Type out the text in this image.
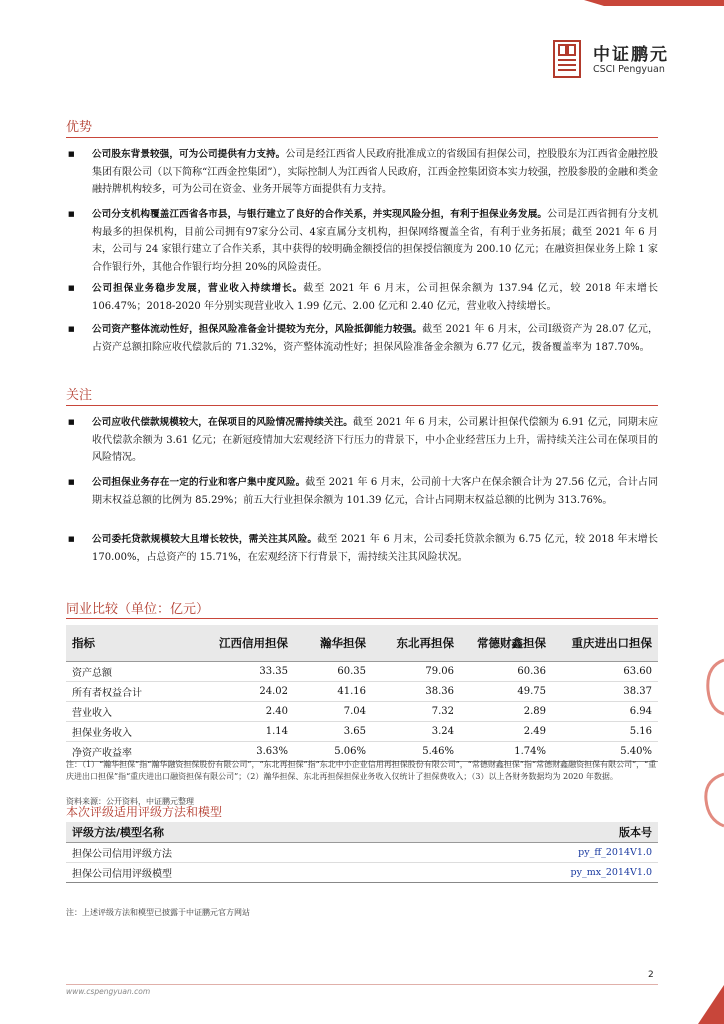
中证鹏元
CSCI Pengyuan
优势
■ 公司股东背景较强，可为公司提供有力支持。公司是经江西省人民政府批准成立的省级国有担保公司，控股股东为江西省金融控股集团有限公司（以下简称“江西金控集团”），实际控制人为江西省人民政府，江西金控集团资本实力较强，控股参股的金融和类金融持牌机构较多，可为公司在资金、业务开展等方面提供有力支持。
■ 公司分支机构覆盖江西省各市县，与银行建立了良好的合作关系，并实现风险分担，有利于担保业务发展。公司是江西省拥有分支机构最多的担保机构，目前公司拥有97家分公司、4家直属分支机构，担保网络覆盖全省，有利于业务拓展；截至 2021 年 6 月末，公司与 24 家银行建立了合作关系，其中获得的较明确金额授信的担保授信额度为 200.10 亿元；在融资担保业务上除 1 家合作银行外，其他合作银行均分担 20%的风险责任。
■ 公司担保业务稳步发展，营业收入持续增长。截至 2021 年 6 月末，公司担保余额为 137.94 亿元，较 2018 年末增长 106.47%；2018-2020 年分别实现营业收入 1.99 亿元、2.00 亿元和 2.40 亿元，营业收入持续增长。
■ 公司资产整体流动性好，担保风险准备金计提较为充分，风险抵御能力较强。截至 2021 年 6 月末，公司Ⅰ级资产为 28.07 亿元，占资产总额扣除应收代偿款后的 71.32%，资产整体流动性好；担保风险准备金余额为 6.77 亿元，拨备覆盖率为 187.70%。
关注
■ 公司应收代偿款规模较大，在保项目的风险情况需持续关注。截至 2021 年 6 月末，公司累计担保代偿额为 6.91 亿元，同期末应收代偿款余额为 3.61 亿元；在新冠疫情加大宏观经济下行压力的背景下，中小企业经营压力上升，需持续关注公司在保项目的风险情况。
■ 公司担保业务存在一定的行业和客户集中度风险。截至 2021 年 6 月末，公司前十大客户在保余额合计为 27.56 亿元，合计占同期末权益总额的比例为 85.29%；前五大行业担保余额为 101.39 亿元，合计占同期末权益总额的比例为 313.76%。
■ 公司委托贷款规模较大且增长较快，需关注其风险。截至 2021 年 6 月末，公司委托贷款余额为 6.75 亿元，较 2018 年末增长 170.00%，占总资产的 15.71%，在宏观经济下行背景下，需持续关注其风险状况。
同业比较（单位：亿元）
指标	江西信用担保	瀚华担保	东北再担保	常德财鑫担保	重庆进出口担保
资产总额	33.35	60.35	79.06	60.36	63.60
所有者权益合计	24.02	41.16	38.36	49.75	38.37
营业收入	2.40	7.04	7.32	2.89	6.94
担保业务收入	1.14	3.65	3.24	2.49	5.16
净资产收益率	3.63%	5.06%	5.46%	1.74%	5.40%
注：（1）“瀚华担保”指“瀚华融资担保股份有限公司”，“东北再担保”指“东北中小企业信用再担保股份有限公司”，“常德财鑫担保”指“常德财鑫融资担保有限公司”，“重庆进出口担保”指“重庆进出口融资担保有限公司”；（2）瀚华担保、东北再担保担保业务收入仅统计了担保费收入；（3）以上各财务数据均为 2020 年数据。
资料来源：公开资料，中证鹏元整理
本次评级适用评级方法和模型
评级方法/模型名称	版本号
担保公司信用评级方法	py_ff_2014V1.0
担保公司信用评级模型	py_mx_2014V1.0
注：上述评级方法和模型已披露于中证鹏元官方网站
2
www.cspengyuan.com
